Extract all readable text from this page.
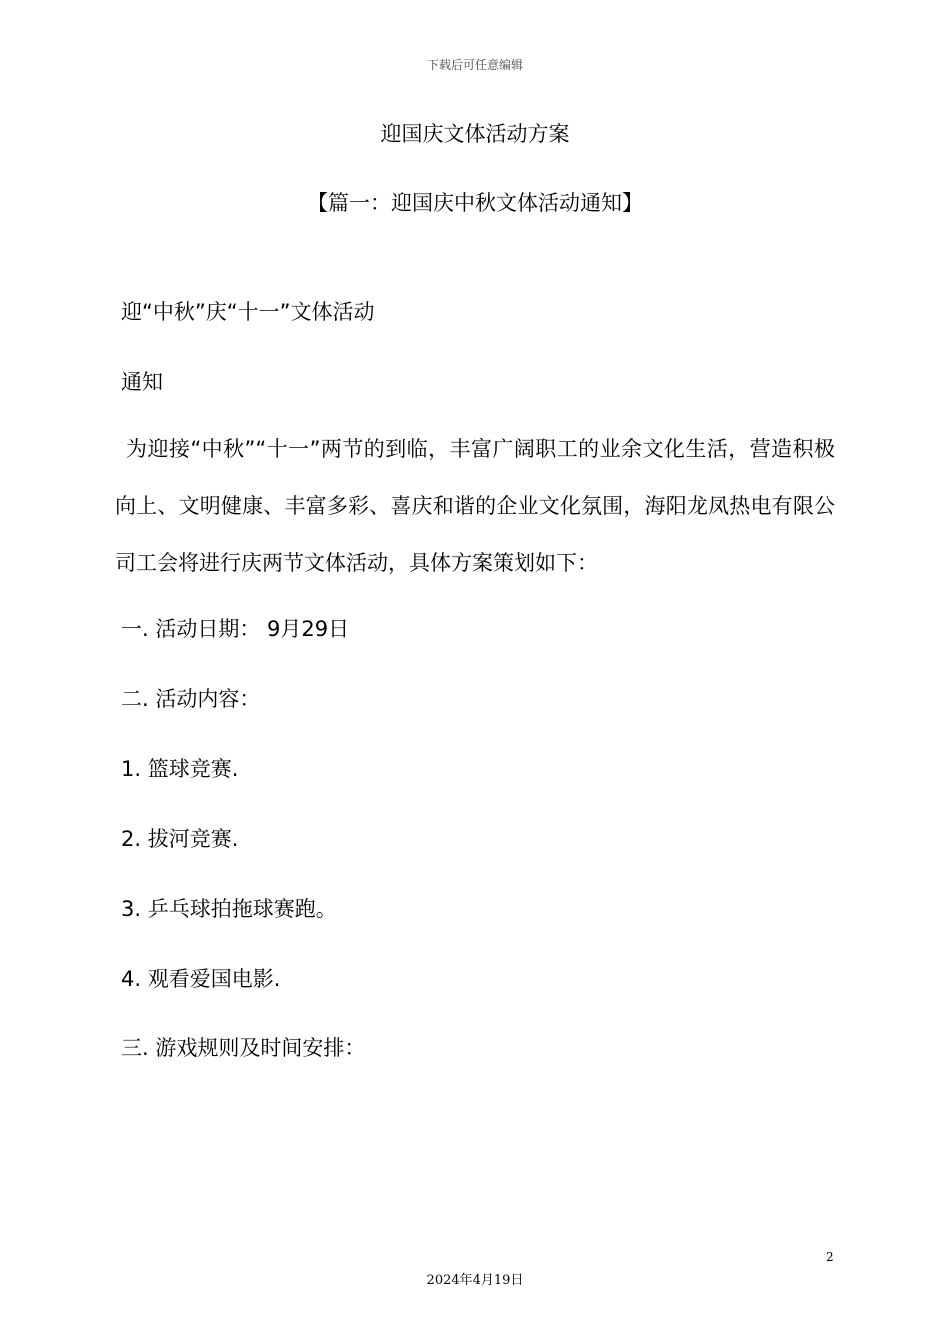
下载后可任意编辑
迎国庆文体活动方案
【篇一：迎国庆中秋文体活动通知】
迎“中秋”庆“十一”文体活动
通知
为迎接“中秋”“十一”两节的到临，丰富广阔职工的业余文化生活，营造积极向上、文明健康、丰富多彩、喜庆和谐的企业文化氛围，海阳龙凤热电有限公司工会将进行庆两节文体活动，具体方案策划如下：
一. 活动日期： 9月29日
二. 活动内容：
1. 篮球竞赛.
2. 拔河竞赛.
3. 乒乓球拍拖球赛跑。
4. 观看爱国电影.
三. 游戏规则及时间安排：
2
2024年4月19日
